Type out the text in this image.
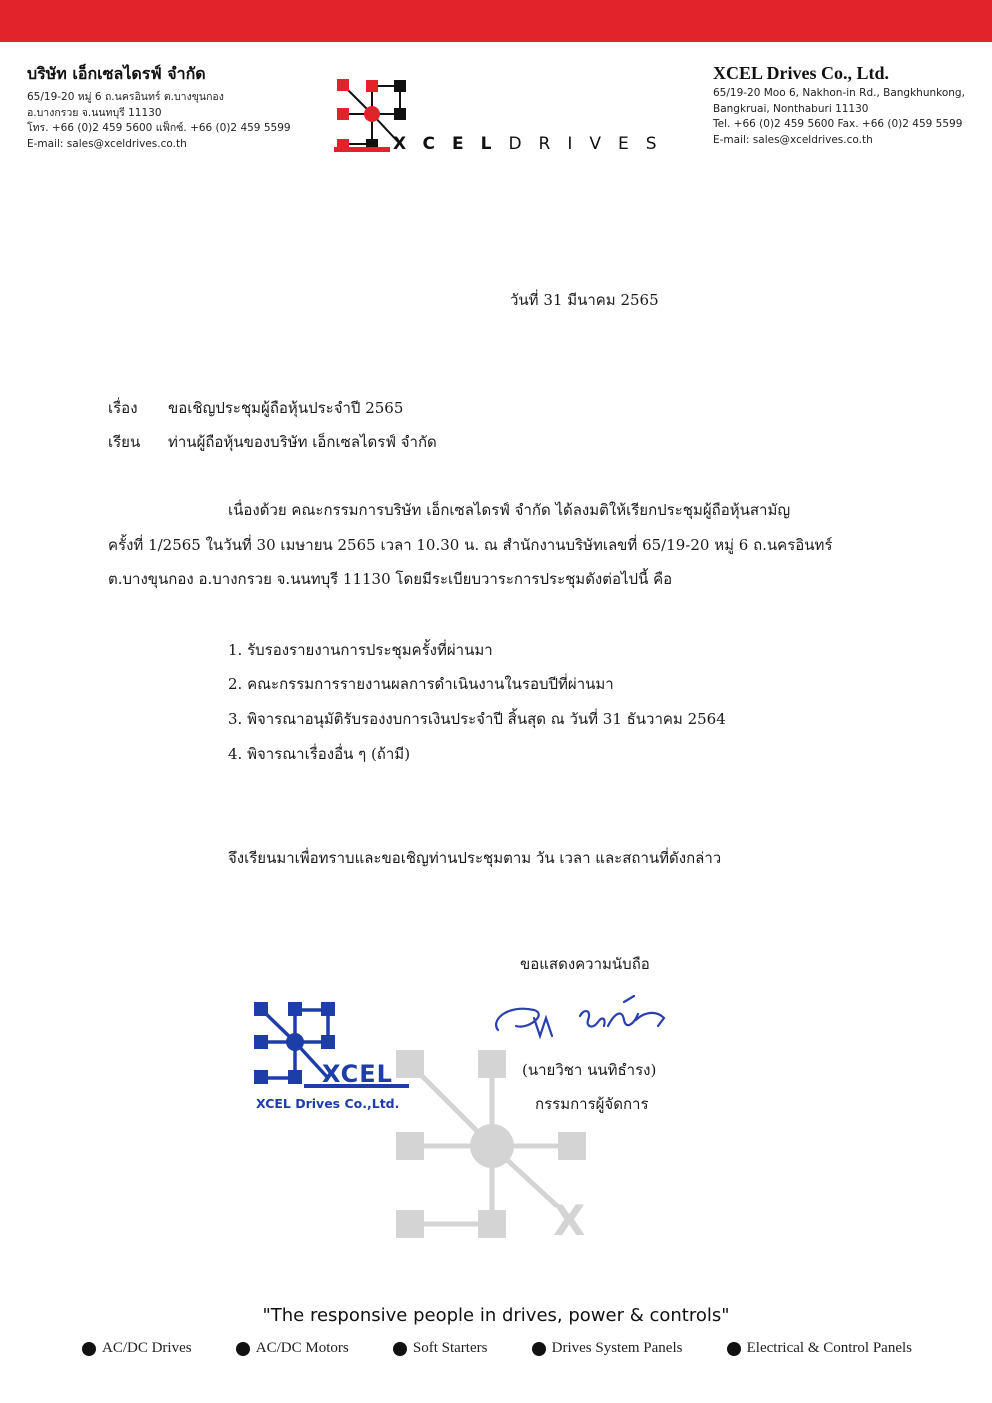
บริษัท เอ็กเซลไดรฟ์ จำกัด
65/19-20 หมู่ 6 ถ.นครอินทร์ ต.บางขุนกอง
อ.บางกรวย จ.นนทบุรี 11130
โทร. +66 (0)2 459 5600 แฟ็กซ์. +66 (0)2 459 5599
E-mail: sales@xceldrives.co.th	XCELDRIVES
XCEL Drives Co., Ltd.
65/19-20 Moo 6, Nakhon-in Rd., Bangkhunkong,
Bangkruai, Nonthaburi 11130
Tel. +66 (0)2 459 5600 Fax. +66 (0)2 459 5599
E-mail: sales@xceldrives.co.th
วันที่ 31 มีนาคม 2565
เรื่อง ขอเชิญประชุมผู้ถือหุ้นประจำปี 2565
เรียน ท่านผู้ถือหุ้นของบริษัท เอ็กเซลไดรฟ์ จำกัด
เนื่องด้วย คณะกรรมการบริษัท เอ็กเซลไดรฟ์ จำกัด ได้ลงมติให้เรียกประชุมผู้ถือหุ้นสามัญ
ครั้งที่ 1/2565 ในวันที่ 30 เมษายน 2565 เวลา 10.30 น. ณ สำนักงานบริษัทเลขที่ 65/19-20 หมู่ 6 ถ.นครอินทร์
ต.บางขุนกอง อ.บางกรวย จ.นนทบุรี 11130 โดยมีระเบียบวาระการประชุมดังต่อไปนี้ คือ
1. รับรองรายงานการประชุมครั้งที่ผ่านมา
2. คณะกรรมการรายงานผลการดำเนินงานในรอบปีที่ผ่านมา
3. พิจารณาอนุมัติรับรองงบการเงินประจำปี สิ้นสุด ณ วันที่ 31 ธันวาคม 2564
4. พิจารณาเรื่องอื่น ๆ (ถ้ามี)
จึงเรียนมาเพื่อทราบและขอเชิญท่านประชุมตาม วัน เวลา และสถานที่ดังกล่าว
ขอแสดงความนับถือ
X
XCEL
XCEL Drives Co.,Ltd.
(นายวิชา นนทิธำรง)
กรรมการผู้จัดการ
"The responsive people in drives, power & controls"
AC/DC Drives	AC/DC Motors	Soft Starters	Drives System Panels	Electrical & Control Panels
